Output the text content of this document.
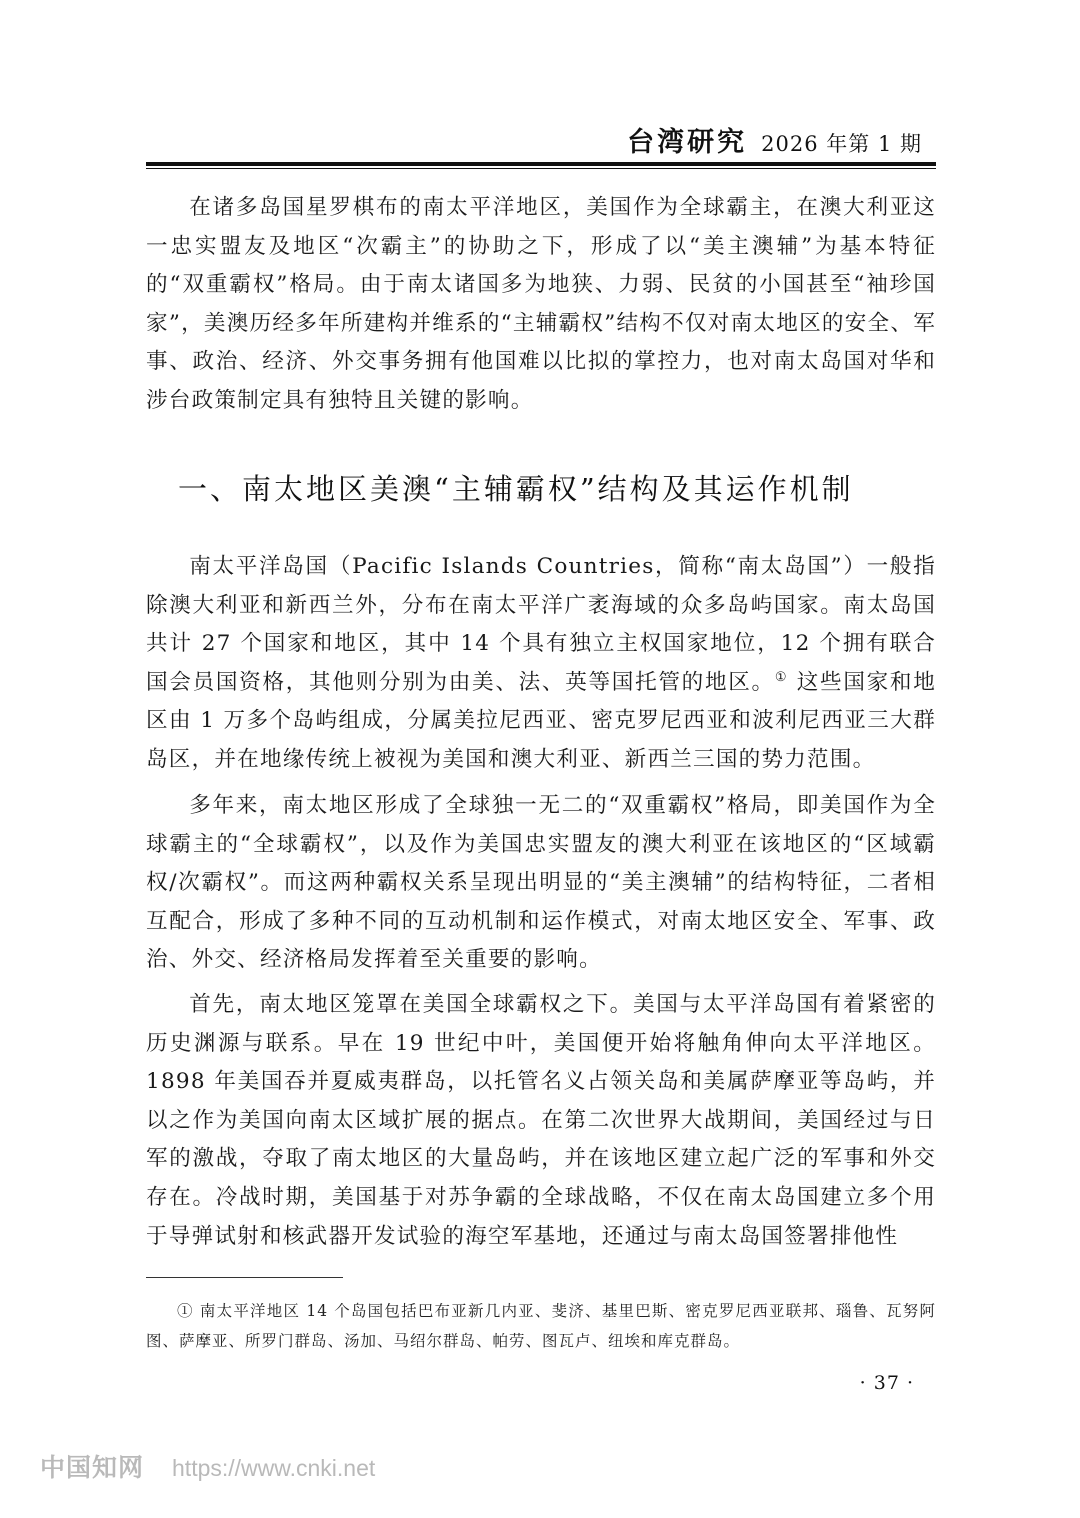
台湾研究 2026 年第 1 期

在诸多岛国星罗棋布的南太平洋地区，美国作为全球霸主，在澳大利亚这一忠实盟友及地区“次霸主”的协助之下，形成了以“美主澳辅”为基本特征的“双重霸权”格局。由于南太诸国多为地狭、力弱、民贫的小国甚至“袖珍国家”，美澳历经多年所建构并维系的“主辅霸权”结构不仅对南太地区的安全、军事、政治、经济、外交事务拥有他国难以比拟的掌控力，也对南太岛国对华和涉台政策制定具有独特且关键的影响。

一、南太地区美澳“主辅霸权”结构及其运作机制

南太平洋岛国（Pacific Islands Countries，简称“南太岛国”）一般指除澳大利亚和新西兰外，分布在南太平洋广袤海域的众多岛屿国家。南太岛国共计 27 个国家和地区，其中 14 个具有独立主权国家地位，12 个拥有联合国会员国资格，其他则分别为由美、法、英等国托管的地区。① 这些国家和地区由 1 万多个岛屿组成，分属美拉尼西亚、密克罗尼西亚和波利尼西亚三大群岛区，并在地缘传统上被视为美国和澳大利亚、新西兰三国的势力范围。

多年来，南太地区形成了全球独一无二的“双重霸权”格局，即美国作为全球霸主的“全球霸权”，以及作为美国忠实盟友的澳大利亚在该地区的“区域霸权/次霸权”。而这两种霸权关系呈现出明显的“美主澳辅”的结构特征，二者相互配合，形成了多种不同的互动机制和运作模式，对南太地区安全、军事、政治、外交、经济格局发挥着至关重要的影响。

首先，南太地区笼罩在美国全球霸权之下。美国与太平洋岛国有着紧密的历史渊源与联系。早在 19 世纪中叶，美国便开始将触角伸向太平洋地区。1898 年美国吞并夏威夷群岛，以托管名义占领关岛和美属萨摩亚等岛屿，并以之作为美国向南太区域扩展的据点。在第二次世界大战期间，美国经过与日军的激战，夺取了南太地区的大量岛屿，并在该地区建立起广泛的军事和外交存在。冷战时期，美国基于对苏争霸的全球战略，不仅在南太岛国建立多个用于导弹试射和核武器开发试验的海空军基地，还通过与南太岛国签署排他性

① 南太平洋地区 14 个岛国包括巴布亚新几内亚、斐济、基里巴斯、密克罗尼西亚联邦、瑙鲁、瓦努阿图、萨摩亚、所罗门群岛、汤加、马绍尔群岛、帕劳、图瓦卢、纽埃和库克群岛。

· 37 ·
中国知网 https://www.cnki.net
